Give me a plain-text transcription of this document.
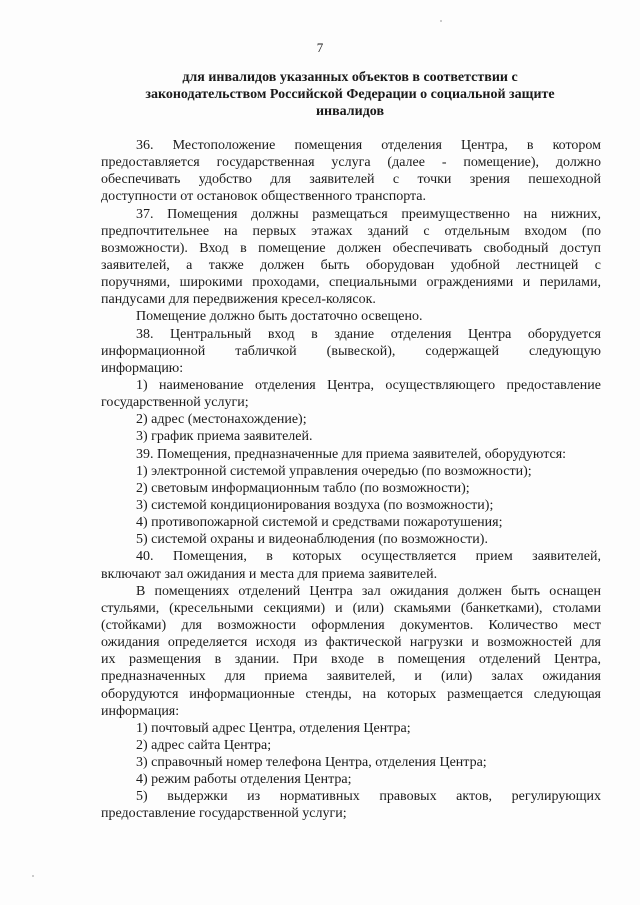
7
для инвалидов указанных объектов в соответствии с
законодательством Российской Федерации о социальной защите
инвалидов
36. Местоположение помещения отделения Центра, в котором
предоставляется государственная услуга (далее - помещение), должно
обеспечивать удобство для заявителей с точки зрения пешеходной
доступности от остановок общественного транспорта.
37. Помещения должны размещаться преимущественно на нижних,
предпочтительнее на первых этажах зданий с отдельным входом (по
возможности). Вход в помещение должен обеспечивать свободный доступ
заявителей, а также должен быть оборудован удобной лестницей с
поручнями, широкими проходами, специальными ограждениями и перилами,
пандусами для передвижения кресел-колясок.
Помещение должно быть достаточно освещено.
38. Центральный вход в здание отделения Центра оборудуется
информационной табличкой (вывеской), содержащей следующую
информацию:
1) наименование отделения Центра, осуществляющего предоставление
государственной услуги;
2) адрес (местонахождение);
3) график приема заявителей.
39. Помещения, предназначенные для приема заявителей, оборудуются:
1) электронной системой управления очередью (по возможности);
2) световым информационным табло (по возможности);
3) системой кондиционирования воздуха (по возможности);
4) противопожарной системой и средствами пожаротушения;
5) системой охраны и видеонаблюдения (по возможности).
40. Помещения, в которых осуществляется прием заявителей,
включают зал ожидания и места для приема заявителей.
В помещениях отделений Центра зал ожидания должен быть оснащен
стульями, (кресельными секциями) и (или) скамьями (банкетками), столами
(стойками) для возможности оформления документов. Количество мест
ожидания определяется исходя из фактической нагрузки и возможностей для
их размещения в здании. При входе в помещения отделений Центра,
предназначенных для приема заявителей, и (или) залах ожидания
оборудуются информационные стенды, на которых размещается следующая
информация:
1) почтовый адрес Центра, отделения Центра;
2) адрес сайта Центра;
3) справочный номер телефона Центра, отделения Центра;
4) режим работы отделения Центра;
5) выдержки из нормативных правовых актов, регулирующих
предоставление государственной услуги;
